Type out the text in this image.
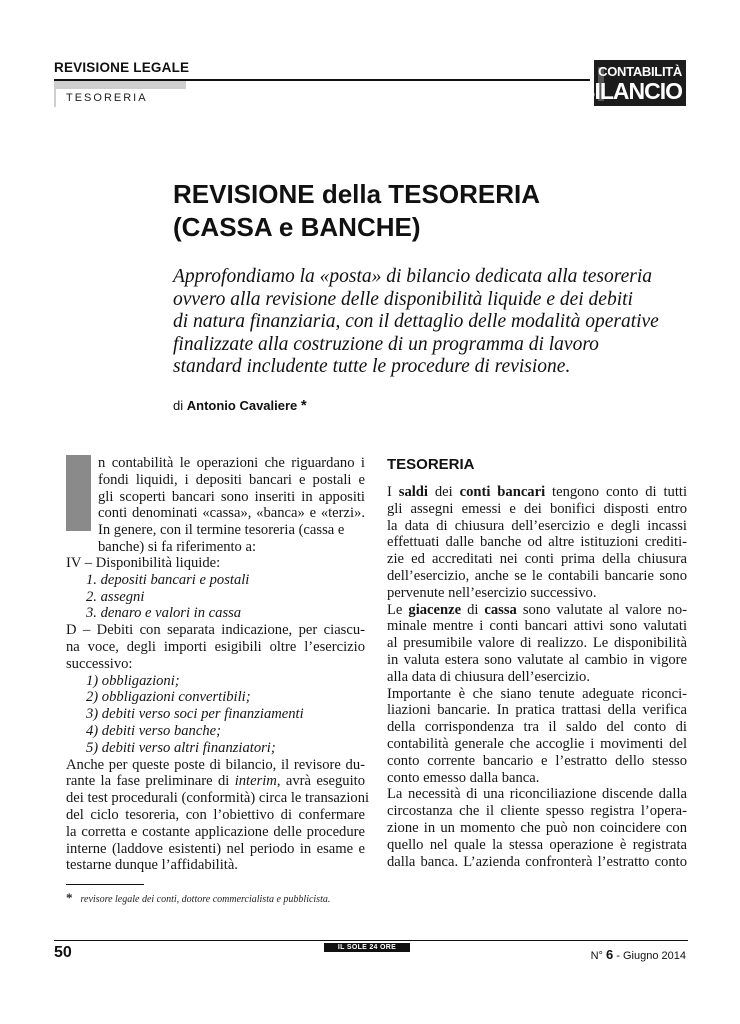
REVISIONE LEGALE
TESORERIA
CONTABILITÀ
BILANCIO
REVISIONE della TESORERIA
(CASSA e BANCHE)
Approfondiamo la «posta» di bilancio dedicata alla tesoreria
ovvero alla revisione delle disponibilità liquide e dei debiti
di natura finanziaria, con il dettaglio delle modalità operative
finalizzate alla costruzione di un programma di lavoro
standard includente tutte le procedure di revisione.
di Antonio Cavaliere *
n contabilità le operazioni che riguardano i
fondi liquidi, i depositi bancari e postali e
gli scoperti bancari sono inseriti in appositi
conti denominati «cassa», «banca» e «terzi».
In genere, con il termine tesoreria (cassa e
banche) si fa riferimento a:
IV – Disponibilità liquide:
1. depositi bancari e postali
2. assegni
3. denaro e valori in cassa
D – Debiti con separata indicazione, per ciascu-
na voce, degli importi esigibili oltre l’esercizio
successivo:
1) obbligazioni;
2) obbligazioni convertibili;
3) debiti verso soci per finanziamenti
4) debiti verso banche;
5) debiti verso altri finanziatori;
Anche per queste poste di bilancio, il revisore du-
rante la fase preliminare di interim, avrà eseguito
dei test procedurali (conformità) circa le transazioni
del ciclo tesoreria, con l’obiettivo di confermare
la corretta e costante applicazione delle procedure
interne (laddove esistenti) nel periodo in esame e
testarne dunque l’affidabilità.
TESORERIA
I saldi dei conti bancari tengono conto di tutti
gli assegni emessi e dei bonifici disposti entro
la data di chiusura dell’esercizio e degli incassi
effettuati dalle banche od altre istituzioni crediti-
zie ed accreditati nei conti prima della chiusura
dell’esercizio, anche se le contabili bancarie sono
pervenute nell’esercizio successivo.
Le giacenze di cassa sono valutate al valore no-
minale mentre i conti bancari attivi sono valutati
al presumibile valore di realizzo. Le disponibilità
in valuta estera sono valutate al cambio in vigore
alla data di chiusura dell’esercizio.
Importante è che siano tenute adeguate riconci-
liazioni bancarie. In pratica trattasi della verifica
della corrispondenza tra il saldo del conto di
contabilità generale che accoglie i movimenti del
conto corrente bancario e l’estratto dello stesso
conto emesso dalla banca.
La necessità di una riconciliazione discende dalla
circostanza che il cliente spesso registra l’opera-
zione in un momento che può non coincidere con
quello nel quale la stessa operazione è registrata
dalla banca. L’azienda confronterà l’estratto conto
* revisore legale dei conti, dottore commercialista e pubblicista.
50	IL SOLE 24 ORE
N° 6 - Giugno 2014
